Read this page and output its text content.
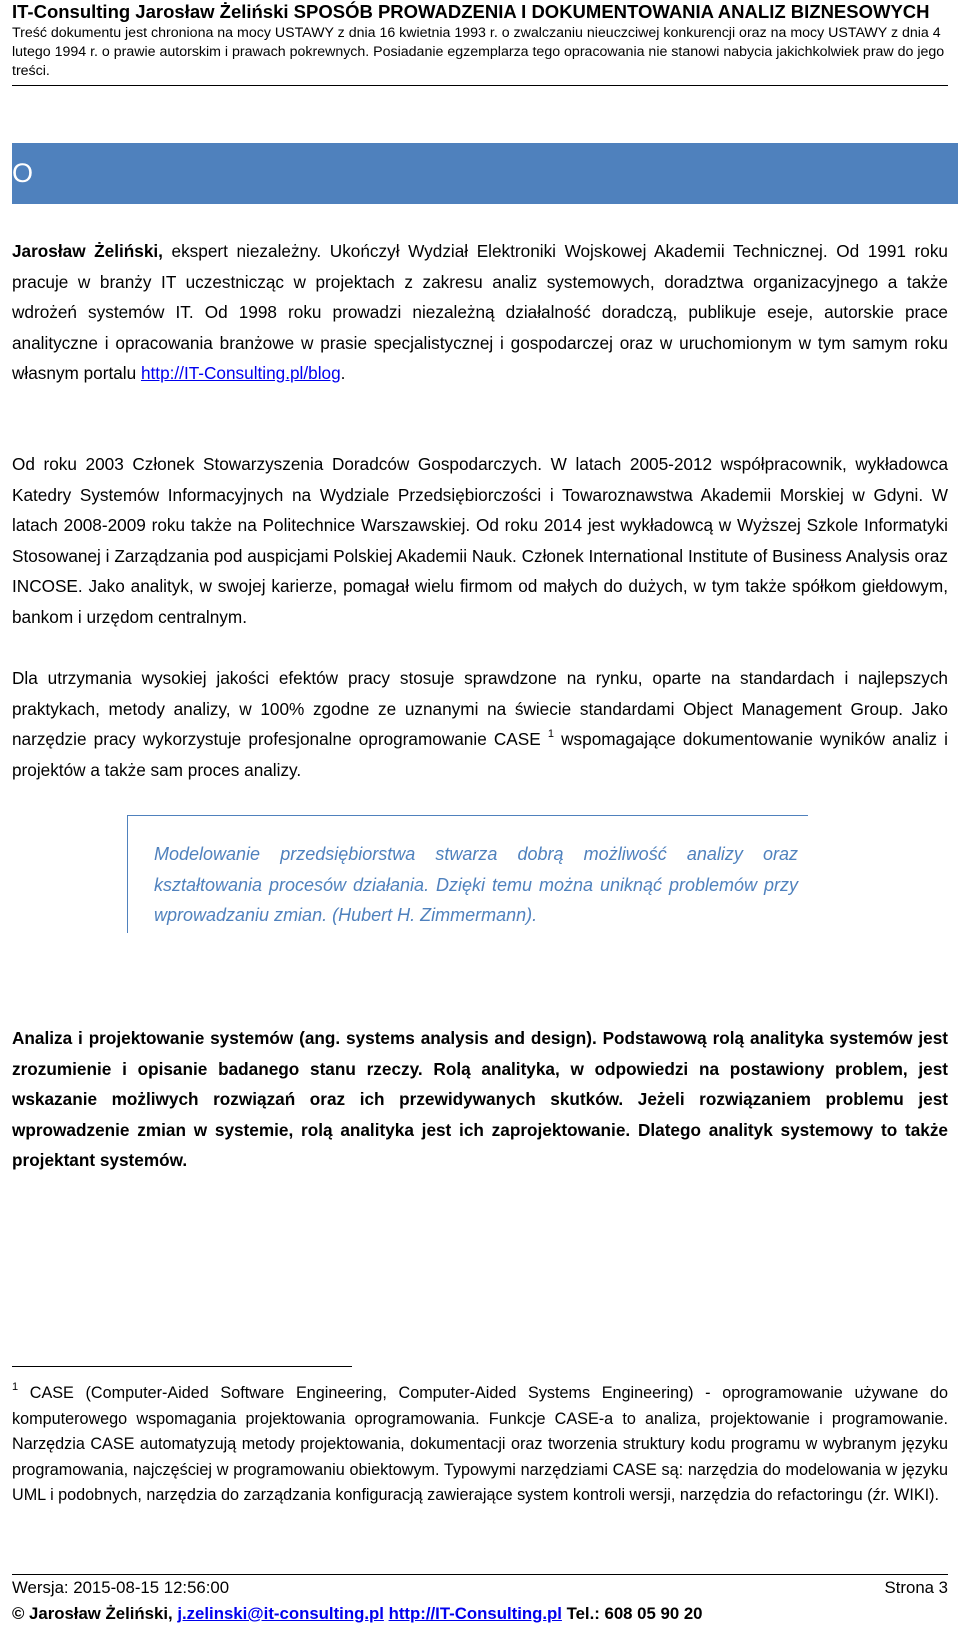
IT-Consulting Jarosław Żeliński SPOSÓB PROWADZENIA I DOKUMENTOWANIA ANALIZ BIZNESOWYCH
Treść dokumentu jest chroniona na mocy USTAWY z dnia 16 kwietnia 1993 r. o zwalczaniu nieuczciwej konkurencji oraz na mocy USTAWY z dnia 4 lutego 1994 r. o prawie autorskim i prawach pokrewnych. Posiadanie egzemplarza tego opracowania nie stanowi nabycia jakichkolwiek praw do jego treści.
O
Autorze

Jarosław Żeliński, ekspert niezależny. Ukończył Wydział Elektroniki Wojskowej Akademii Technicznej. Od 1991 roku pracuje w branży IT uczestnicząc w projektach z zakresu analiz systemowych, doradztwa organizacyjnego a także wdrożeń systemów IT. Od 1998 roku prowadzi niezależną działalność doradczą, publikuje eseje, autorskie prace analityczne i opracowania branżowe w prasie specjalistycznej i gospodarczej oraz w uruchomionym w tym samym roku własnym portalu http://IT-Consulting.pl/blog.

Od roku 2003 Członek Stowarzyszenia Doradców Gospodarczych. W latach 2005-2012 współpracownik, wykładowca Katedry Systemów Informacyjnych na Wydziale Przedsiębiorczości i Towaroznawstwa Akademii Morskiej w Gdyni. W latach 2008-2009 roku także na Politechnice Warszawskiej. Od roku 2014 jest wykładowcą w Wyższej Szkole Informatyki Stosowanej i Zarządzania pod auspicjami Polskiej Akademii Nauk. Członek International Institute of Business Analysis oraz INCOSE. Jako analityk, w swojej karierze, pomagał wielu firmom od małych do dużych, w tym także spółkom giełdowym, bankom i urzędom centralnym.

Dla utrzymania wysokiej jakości efektów pracy stosuje sprawdzone na rynku, oparte na standardach i najlepszych praktykach, metody analizy, w 100% zgodne ze uznanymi na świecie standardami Object Management Group. Jako narzędzie pracy wykorzystuje profesjonalne oprogramowanie CASE $^1$ wspomagające dokumentowanie wyników analiz i projektów a także sam proces analizy.

Modelowanie przedsiębiorstwa stwarza dobrą możliwość analizy oraz kształtowania procesów działania. Dzięki temu można uniknąć problemów przy wprowadzaniu zmian. (Hubert H. Zimmermann).

Analiza i projektowanie systemów (ang. systems analysis and design). Podstawową rolą analityka systemów jest zrozumienie i opisanie badanego stanu rzeczy. Rolą analityka, w odpowiedzi na postawiony problem, jest wskazanie możliwych rozwiązań oraz ich przewidywanych skutków. Jeżeli rozwiązaniem problemu jest wprowadzenie zmian w systemie, rolą analityka jest ich zaprojektowanie. Dlatego analityk systemowy to także projektant systemów.

$^1$ CASE (Computer-Aided Software Engineering, Computer-Aided Systems Engineering) - oprogramowanie używane do komputerowego wspomagania projektowania oprogramowania. Funkcje CASE-a to analiza, projektowanie i programowanie. Narzędzia CASE automatyzują metody projektowania, dokumentacji oraz tworzenia struktury kodu programu w wybranym języku programowania, najczęściej w programowaniu obiektowym. Typowymi narzędziami CASE są: narzędzia do modelowania w języku UML i podobnych, narzędzia do zarządzania konfiguracją zawierające system kontroli wersji, narzędzia do refactoringu (źr. WIKI).
Wersja: 2015-08-15 12:56:00	Strona 3
© Jarosław Żeliński, j.zelinski@it-consulting.pl http://IT-Consulting.pl Tel.: 608 05 90 20
